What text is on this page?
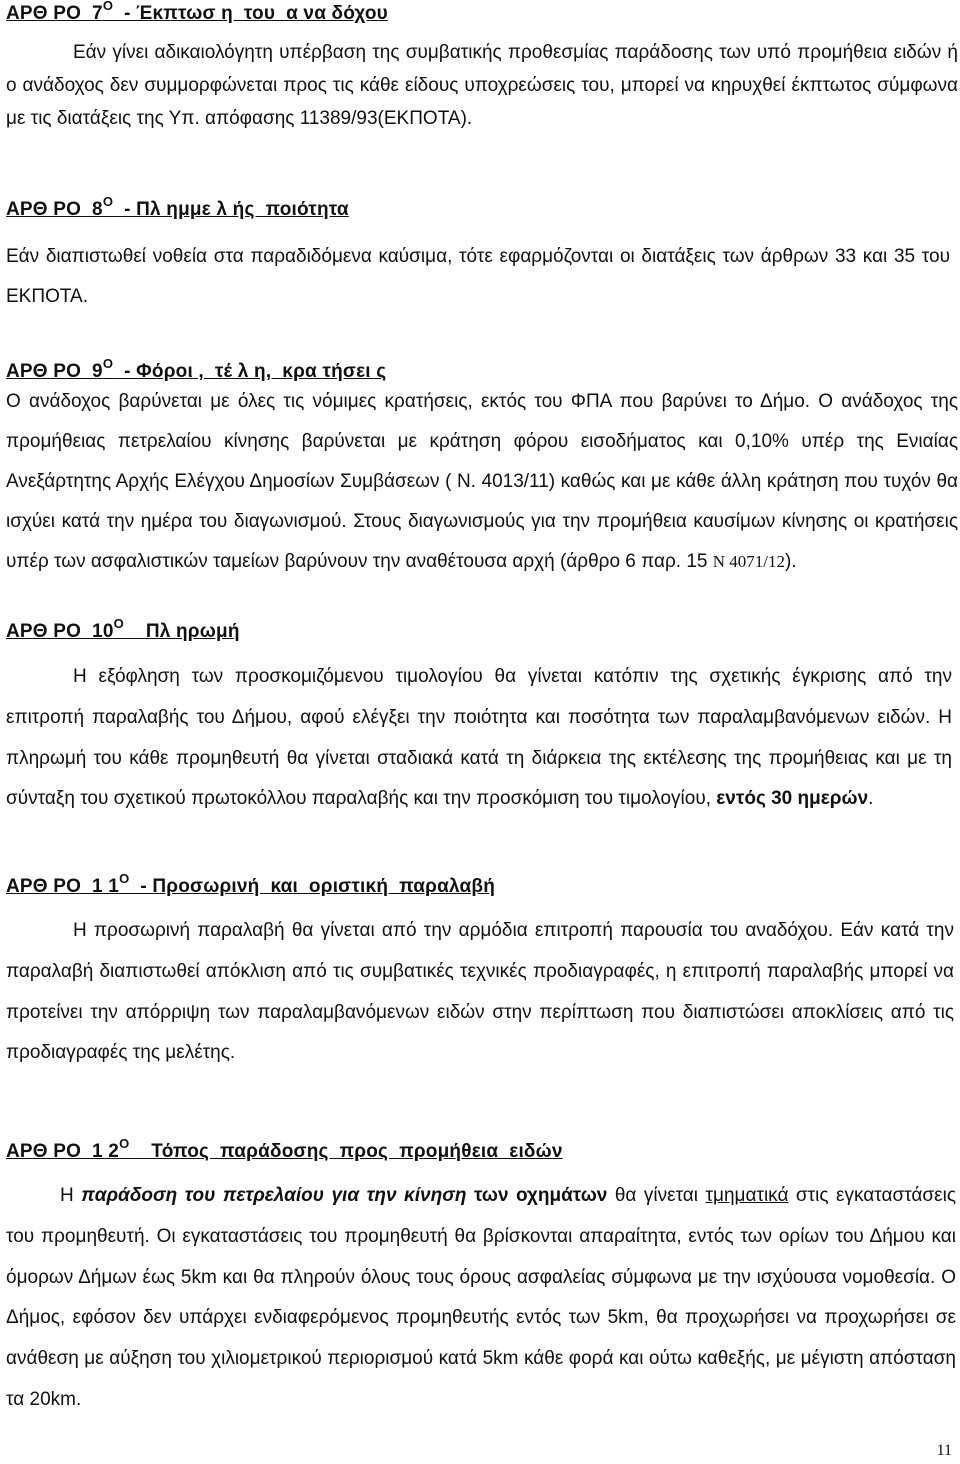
ΑΡΘ ΡΟ  $7^O$  - Έκπτωσ η  του  α να δόχου
Εάν γίνει αδικαιολόγητη υπέρβαση της συμβατικής προθεσμίας παράδοσης των υπό προμήθεια ειδών ή ο ανάδοχος δεν συμμορφώνεται προς τις κάθε είδους υποχρεώσεις του, μπορεί να κηρυχθεί έκπτωτος σύμφωνα με τις διατάξεις της Υπ. απόφασης 11389/93(ΕΚΠΟΤΑ).
ΑΡΘ ΡΟ  $8^O$  - Πλ ημμε λ ής  ποιότητα
Εάν διαπιστωθεί νοθεία στα παραδιδόμενα καύσιμα, τότε εφαρμόζονται οι διατάξεις των άρθρων 33 και 35 του ΕΚΠΟΤΑ.
ΑΡΘ ΡΟ  $9^O$  - Φόροι ,  τέ λ η,  κρα τήσει ς
Ο ανάδοχος βαρύνεται με όλες τις νόμιμες κρατήσεις, εκτός του ΦΠΑ που βαρύνει το Δήμο. Ο ανάδοχος της προμήθειας πετρελαίου κίνησης βαρύνεται με κράτηση φόρου εισοδήματος και 0,10% υπέρ της Ενιαίας Ανεξάρτητης Αρχής Ελέγχου Δημοσίων Συμβάσεων ( Ν. 4013/11) καθώς και με κάθε άλλη κράτηση που τυχόν θα ισχύει κατά την ημέρα του διαγωνισμού. Στους διαγωνισμούς για την προμήθεια καυσίμων κίνησης οι κρατήσεις υπέρ των ασφαλιστικών ταμείων βαρύνουν την αναθέτουσα αρχή (άρθρο 6 παρ. 15 Ν 4071/12).
ΑΡΘ ΡΟ  $10^O$    Πλ ηρωμή
Η εξόφληση των προσκομιζόμενου τιμολογίου θα γίνεται κατόπιν της σχετικής έγκρισης από την επιτροπή παραλαβής του Δήμου, αφού ελέγξει την ποιότητα και ποσότητα των παραλαμβανόμενων ειδών. Η πληρωμή του κάθε προμηθευτή θα γίνεται σταδιακά κατά τη διάρκεια της εκτέλεσης της προμήθειας και με τη σύνταξη του σχετικού πρωτοκόλλου παραλαβής και την προσκόμιση του τιμολογίου, εντός 30 ημερών.
ΑΡΘ ΡΟ  1 $1^O$  - Προσωρινή  και  οριστική  παραλαβή
Η προσωρινή παραλαβή θα γίνεται από την αρμόδια επιτροπή παρουσία του αναδόχου. Εάν κατά την παραλαβή διαπιστωθεί απόκλιση από τις συμβατικές τεχνικές προδιαγραφές, η επιτροπή παραλαβής μπορεί να προτείνει την απόρριψη των παραλαμβανόμενων ειδών στην περίπτωση που διαπιστώσει αποκλίσεις από τις προδιαγραφές της μελέτης.
ΑΡΘ ΡΟ  1 $2^O$    Τόπος  παράδοσης  προς  προμήθεια  ειδών
Η παράδοση του πετρελαίου για την κίνηση των οχημάτων θα γίνεται τμηματικά στις εγκαταστάσεις του προμηθευτή. Οι εγκαταστάσεις του προμηθευτή θα βρίσκονται απαραίτητα, εντός των ορίων του Δήμου και όμορων Δήμων έως 5km και θα πληρούν όλους τους όρους ασφαλείας σύμφωνα με την ισχύουσα νομοθεσία. Ο Δήμος, εφόσον δεν υπάρχει ενδιαφερόμενος προμηθευτής εντός των 5km, θα προχωρήσει να προχωρήσει σε ανάθεση με αύξηση του χιλιομετρικού περιορισμού κατά 5km κάθε φορά και ούτω καθεξής, με μέγιστη απόσταση τα 20km.
11
